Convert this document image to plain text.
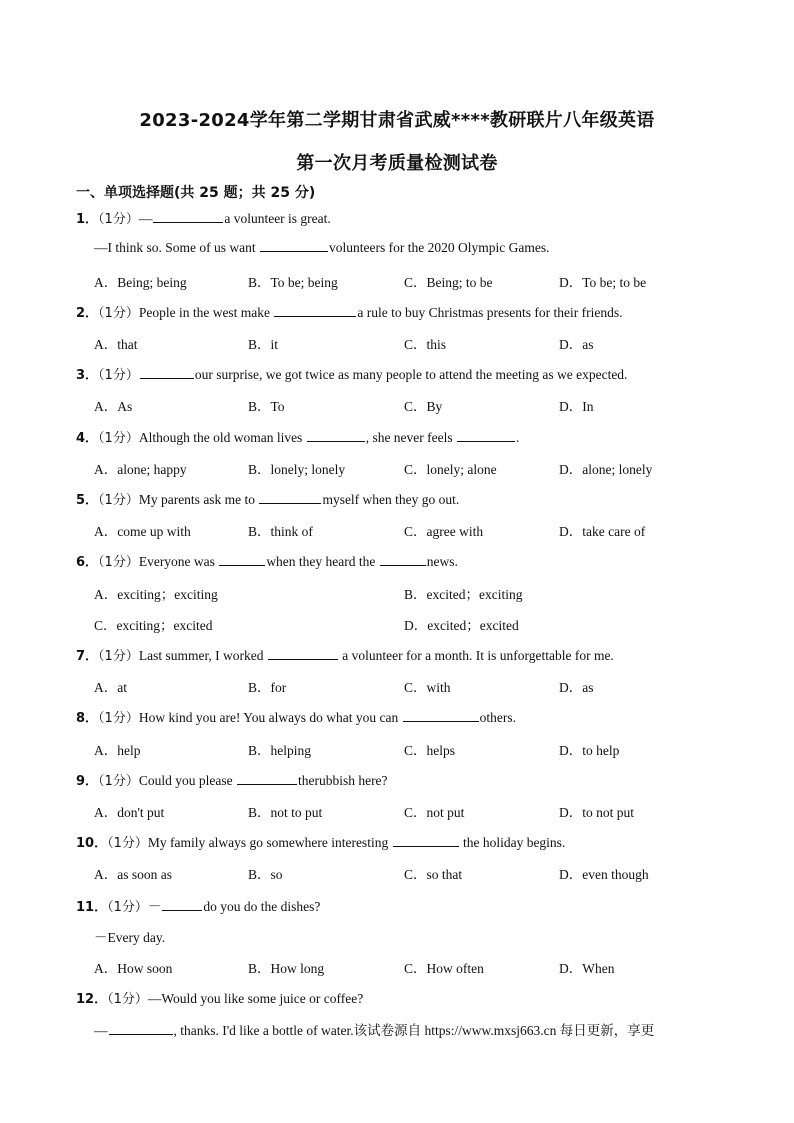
2023-2024学年第二学期甘肃省武威****教研联片八年级英语
第一次月考质量检测试卷
一、单项选择题(共 25 题；共 25 分)
1．（1分）—	a volunteer is great.
—I think so. Some of us want	volunteers for the 2020 Olympic Games.
A．Being; being	B．To be; being	C．Being; to be	D．To be; to be
2．（1分）People in the west make	a rule to buy Christmas presents for their friends.
A．that	B．it	C．this	D．as
3．（1分）	our surprise, we got twice as many people to attend the meeting as we expected.
A．As	B．To	C．By	D．In
4．（1分）Although the old woman lives	, she never feels	.
A．alone; happy	B．lonely; lonely	C．lonely; alone	D．alone; lonely
5．（1分）My parents ask me to	myself when they go out.
A．come up with	B．think of	C．agree with	D．take care of
6．（1分）Everyone was	when they heard the	news.
A．exciting；exciting	B．excited；exciting
C．exciting；excited	D．excited；excited
7．（1分）Last summer, I worked	a volunteer for a month. It is unforgettable for me.
A．at	B．for	C．with	D．as
8．（1分）How kind you are! You always do what you can	others.
A．help	B．helping	C．helps	D．to help
9．（1分）Could you please	therubbish here?
A．don't put	B．not to put	C．not put	D．to not put
10．（1分）My family always go somewhere interesting	the holiday begins.
A．as soon as	B．so	C．so that	D．even though
11．（1分）－	do you do the dishes?
－Every day.
A．How soon	B．How long	C．How often	D．When
12．（1分）—Would you like some juice or coffee?
—	, thanks. I'd like a bottle of water.该试卷源自 https://www.mxsj663.cn 每日更新，享更
